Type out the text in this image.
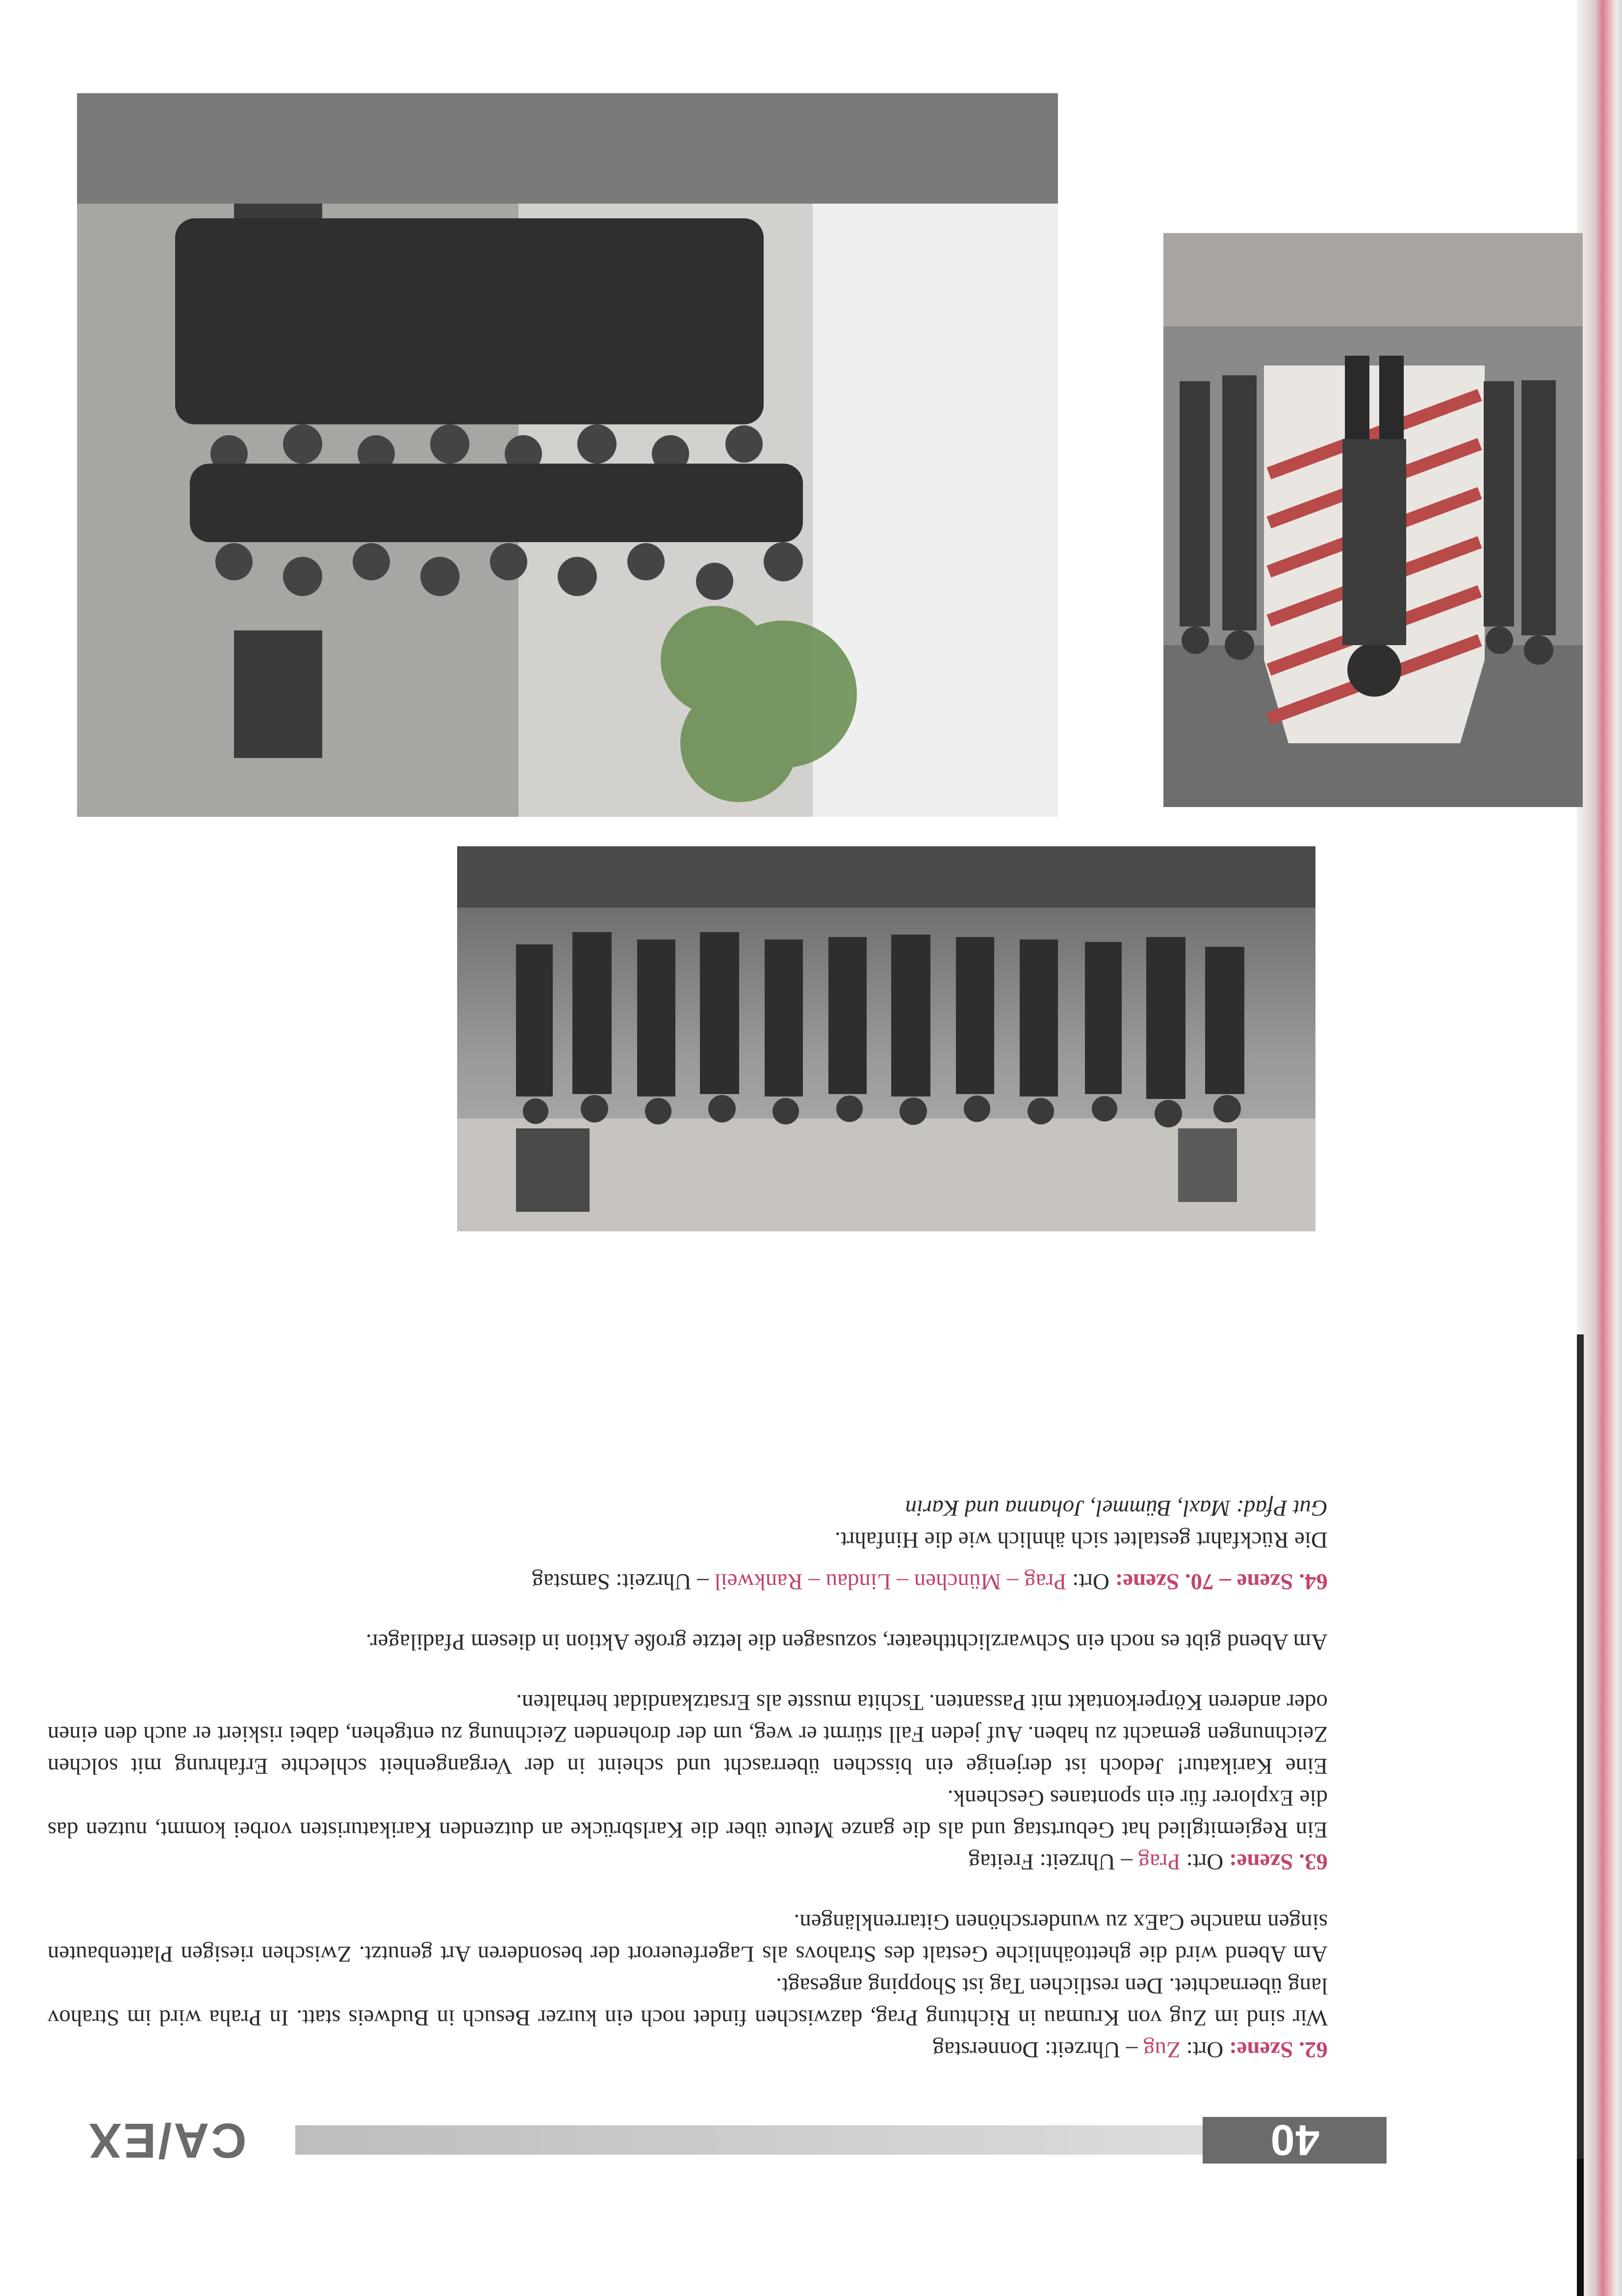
40
CA/EX

62. Szene: Ort: Zug – Uhrzeit: Donnerstag

Wir sind im Zug von Krumau in Richtung Prag, dazwischen findet noch ein kurzer Besuch in Budweis statt. In Praha wird im Strahov lang übernachtet. Den restlichen Tag ist Shopping angesagt.

Am Abend wird die ghettoähnliche Gestalt des Strahovs als Lagerfeuerort der besonderen Art genutzt. Zwischen riesigen Plattenbauten singen manche CaEx zu wunderschönen Gitarrenklängen.

63. Szene: Ort: Prag – Uhrzeit: Freitag

Ein Regiemitglied hat Geburtstag und als die ganze Meute über die Karlsbrücke an dutzenden Karikaturisten vorbei kommt, nutzen das die Explorer für ein spontanes Geschenk.

Eine Karikatur! Jedoch ist derjenige ein bisschen überrascht und scheint in der Vergangenheit schlechte Erfahrung mit solchen Zeichnungen gemacht zu haben. Auf jeden Fall stürmt er weg, um der drohenden Zeichnung zu entgehen, dabei riskiert er auch den einen oder anderen Körperkontakt mit Passanten. Tschita musste als Ersatzkandidat herhalten.

Am Abend gibt es noch ein Schwarzlichttheater, sozusagen die letzte große Aktion in diesem Pfadilager.

64. Szene – 70. Szene: Ort: Prag – München – Lindau – Rankweil – Uhrzeit: Samstag

Die Rückfahrt gestaltet sich ähnlich wie die Hinfahrt.

Gut Pfad: Maxl, Bümmel, Johanna und Karin
